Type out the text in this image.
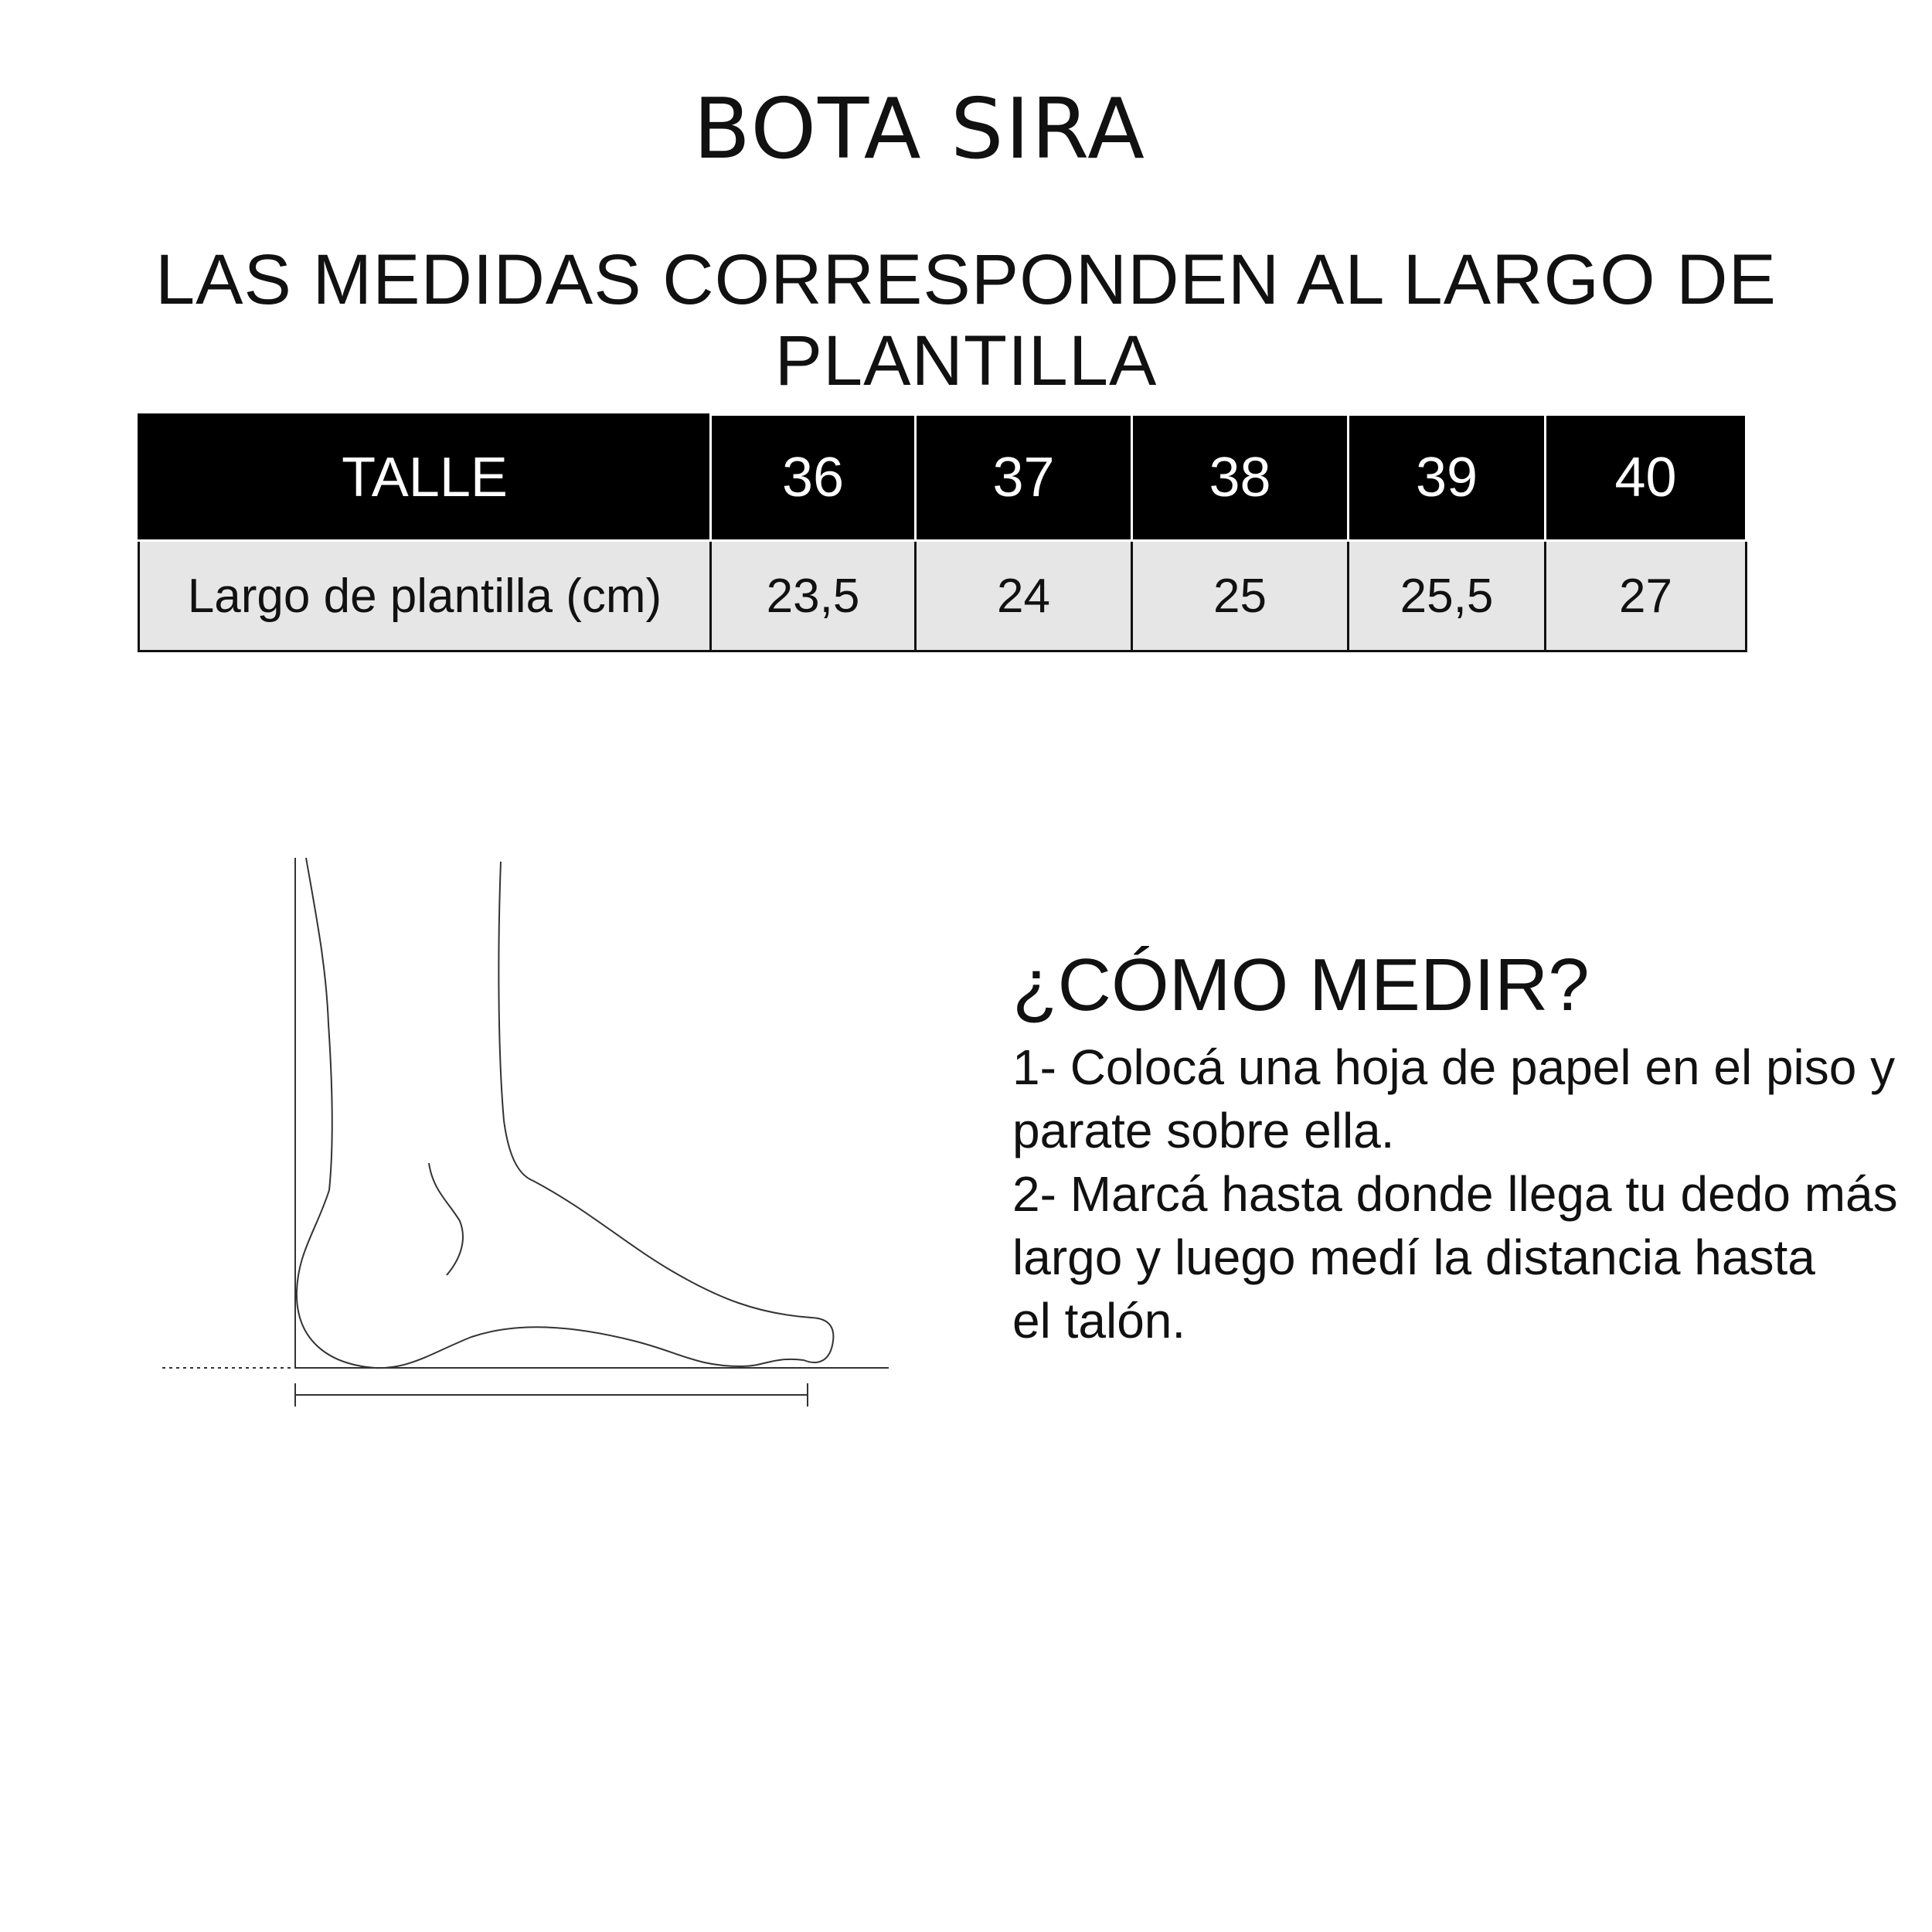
BOTA SIRA
LAS MEDIDAS CORRESPONDEN AL LARGO DE PLANTILLA
TALLE	36	37	38	39	40
Largo de plantilla (cm)	23,5	24	25	25,5	27
¿CÓMO MEDIR?

1- Colocá una hoja de papel en el piso y
parate sobre ella.

2- Marcá hasta donde llega tu dedo más
largo y luego medí la distancia hasta
el talón.
